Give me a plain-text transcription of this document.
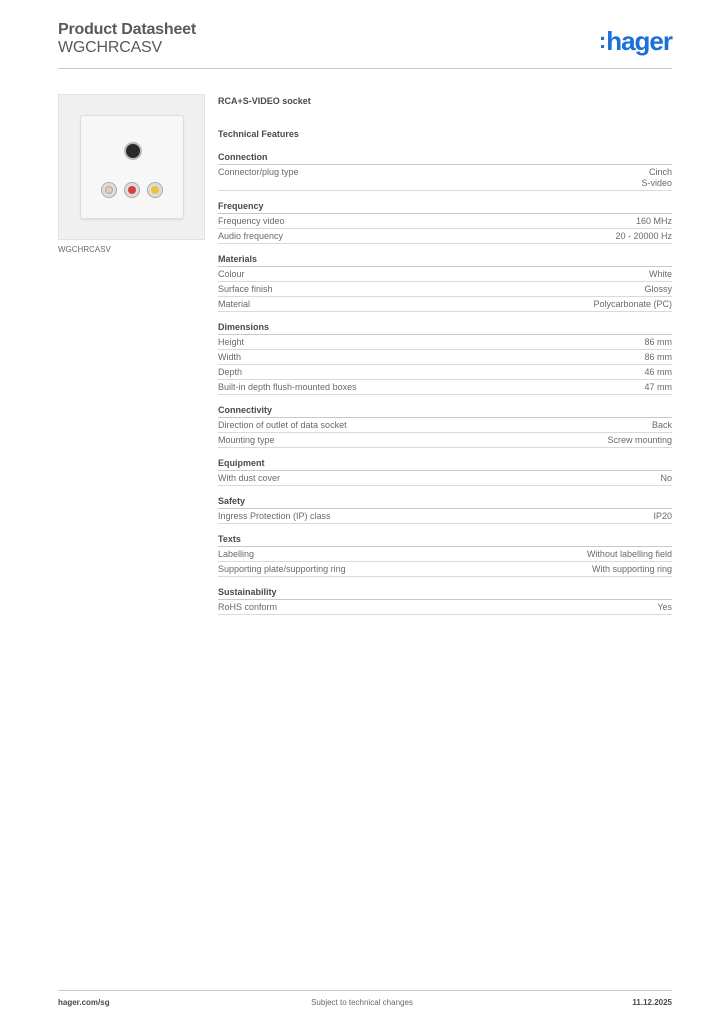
Product Datasheet
WGCHRCASV	:hager
WGCHRCASV
RCA+S-VIDEO socket
Technical Features
Connection
Connector/plug type	Cinch
S-video
Frequency
Frequency video	160 MHz
Audio frequency	20 - 20000 Hz
Materials
Colour	White
Surface finish	Glossy
Material	Polycarbonate (PC)
Dimensions
Height	86 mm
Width	86 mm
Depth	46 mm
Built-in depth flush-mounted boxes	47 mm
Connectivity
Direction of outlet of data socket	Back
Mounting type	Screw mounting
Equipment
With dust cover	No
Safety
Ingress Protection (IP) class	IP20
Texts
Labelling	Without labelling field
Supporting plate/supporting ring	With supporting ring
Sustainability
RoHS conform	Yes
hager.com/sg	Subject to technical changes	11.12.2025
